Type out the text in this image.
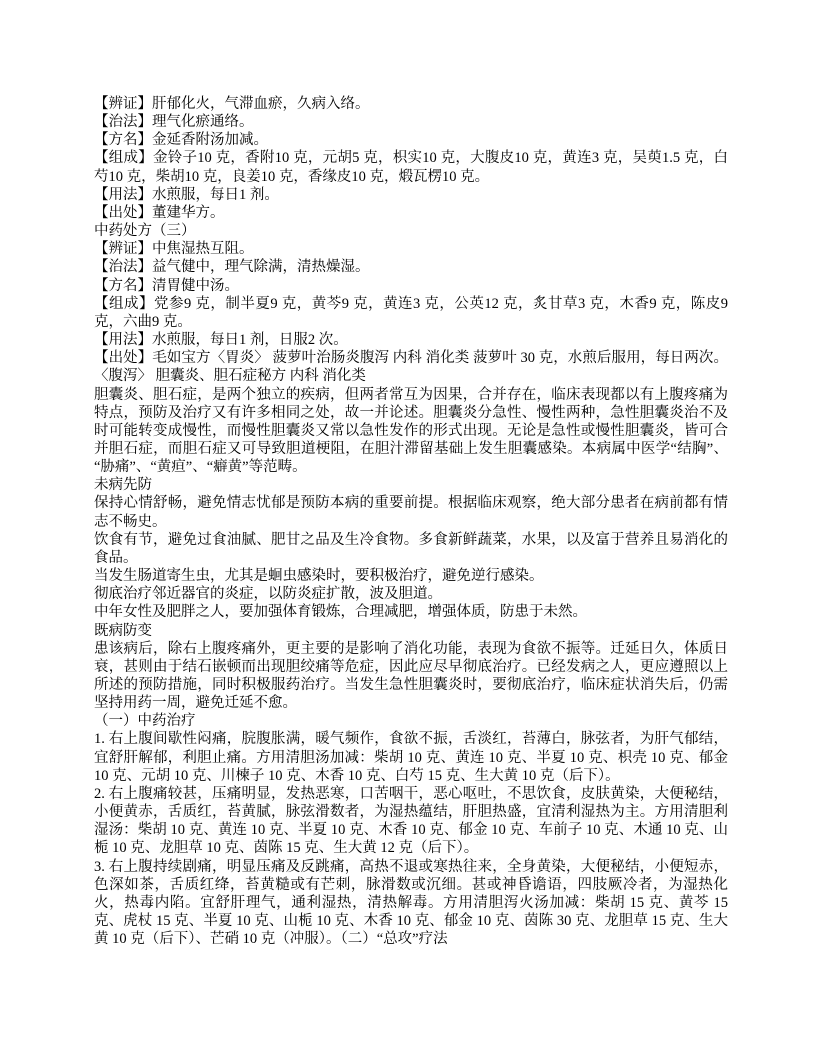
【辨证】肝郁化火，气滞血瘀，久病入络。

【治法】理气化瘀通络。

【方名】金延香附汤加减。

【组成】金铃子10 克，香附10 克，元胡5 克，枳实10 克，大腹皮10 克，黄连3 克，吴萸1.5 克，白芍10 克，柴胡10 克，良姜10 克，香缘皮10 克，煅瓦楞10 克。

【用法】水煎服，每日1 剂。

【出处】董建华方。

中药处方（三）

【辨证】中焦湿热互阻。

【治法】益气健中，理气除满，清热燥湿。

【方名】清胃健中汤。

【组成】党参9 克，制半夏9 克，黄芩9 克，黄连3 克，公英12 克，炙甘草3 克，木香9 克，陈皮9 克，六曲9 克。

【用法】水煎服，每日1 剂，日服2 次。

【出处】毛如宝方〈胃炎〉 菠萝叶治肠炎腹泻 内科 消化类 菠萝叶 30 克，水煎后服用，每日两次。〈腹泻〉 胆囊炎、胆石症秘方 内科 消化类

胆囊炎、胆石症，是两个独立的疾病，但两者常互为因果，合并存在，临床表现都以有上腹疼痛为特点，预防及治疗又有许多相同之处，故一并论述。胆囊炎分急性、慢性两种，急性胆囊炎治不及时可能转变成慢性，而慢性胆囊炎又常以急性发作的形式出现。无论是急性或慢性胆囊炎，皆可合并胆石症，而胆石症又可导致胆道梗阻，在胆汁滞留基础上发生胆囊感染。本病属中医学“结胸”、“胁痛”、“黄疸”、“癖黄”等范畴。

未病先防

保持心情舒畅，避免情志忧郁是预防本病的重要前提。根据临床观察，绝大部分患者在病前都有情志不畅史。

饮食有节，避免过食油腻、肥甘之品及生冷食物。多食新鲜蔬菜，水果，以及富于营养且易消化的食品。

当发生肠道寄生虫，尤其是蛔虫感染时，要积极治疗，避免逆行感染。

彻底治疗邻近器官的炎症，以防炎症扩散，波及胆道。

中年女性及肥胖之人，要加强体育锻炼，合理减肥，增强体质，防患于未然。

既病防变

患该病后，除右上腹疼痛外，更主要的是影响了消化功能，表现为食欲不振等。迁延日久，体质日衰，甚则由于结石嵌顿而出现胆绞痛等危症，因此应尽早彻底治疗。已经发病之人，更应遵照以上所述的预防措施，同时积极服药治疗。当发生急性胆囊炎时，要彻底治疗，临床症状消失后，仍需坚持用药一周，避免迁延不愈。

（一）中药治疗

1. 右上腹间歇性闷痛，脘腹胀满，暖气频作，食欲不振，舌淡红，苔薄白，脉弦者，为肝气郁结，宜舒肝解郁，利胆止痛。方用清胆汤加减：柴胡 10 克、黄连 10 克、半夏 10 克、枳壳 10 克、郁金 10 克、元胡 10 克、川楝子 10 克、木香 10 克、白芍 15 克、生大黄 10 克（后下）。

2. 右上腹痛较甚，压痛明显，发热恶寒，口苦咽干，恶心呕吐，不思饮食，皮肤黄染，大便秘结，小便黄赤，舌质红，苔黄腻，脉弦滑数者，为湿热蕴结，肝胆热盛，宜清利湿热为主。方用清胆利湿汤：柴胡 10 克、黄连 10 克、半夏 10 克、木香 10 克、郁金 10 克、车前子 10 克、木通 10 克、山栀 10 克、龙胆草 10 克、茵陈 15 克、生大黄 12 克（后下）。

3. 右上腹持续剧痛，明显压痛及反跳痛，高热不退或寒热往来，全身黄染，大便秘结，小便短赤，色深如茶，舌质红绛，苔黄糙或有芒刺，脉滑数或沉细。甚或神昏谵语，四肢厥冷者，为湿热化火，热毒内陷。宜舒肝理气，通利湿热，清热解毒。方用清胆泻火汤加减：柴胡 15 克、黄芩 15 克、虎杖 15 克、半夏 10 克、山栀 10 克、木香 10 克、郁金 10 克、茵陈 30 克、龙胆草 15 克、生大黄 10 克（后下）、芒硝 10 克（冲服）。（二）“总攻”疗法
